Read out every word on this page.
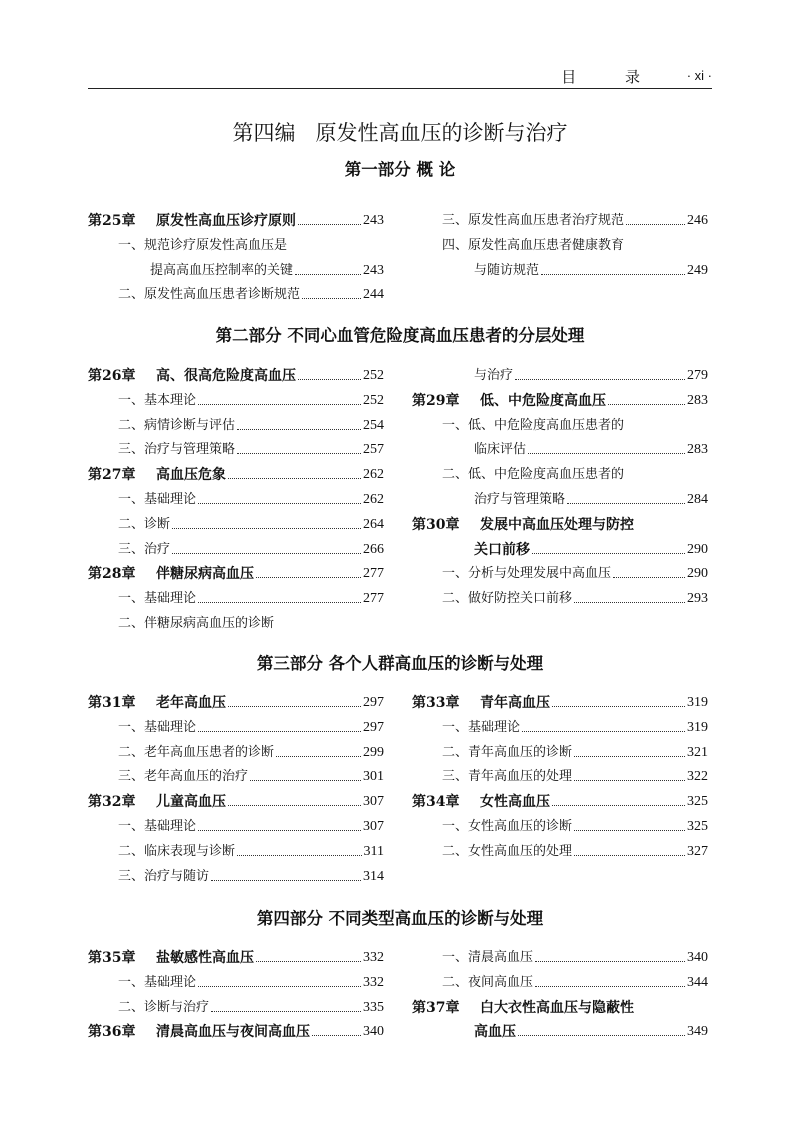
目 录 · xi ·
第四编 原发性高血压的诊断与治疗
第一部分 概 论
第25章	原发性高血压诊疗原则	243
一、规范诊疗原发性高血压是
提高高血压控制率的关键	243
二、原发性高血压患者诊断规范	244
三、原发性高血压患者治疗规范	246
四、原发性高血压患者健康教育
与随访规范	249
第二部分 不同心血管危险度高血压患者的分层处理
第26章	高、很高危险度高血压	252
一、基本理论	252
二、病情诊断与评估	254
三、治疗与管理策略	257
第27章	高血压危象	262
一、基础理论	262
二、诊断	264
三、治疗	266
第28章	伴糖尿病高血压	277
一、基础理论	277
二、伴糖尿病高血压的诊断
与治疗	279
第29章	低、中危险度高血压	283
一、低、中危险度高血压患者的
临床评估	283
二、低、中危险度高血压患者的
治疗与管理策略	284
第30章	发展中高血压处理与防控
关口前移	290
一、分析与处理发展中高血压	290
二、做好防控关口前移	293
第三部分 各个人群高血压的诊断与处理
第31章	老年高血压	297
一、基础理论	297
二、老年高血压患者的诊断	299
三、老年高血压的治疗	301
第32章	儿童高血压	307
一、基础理论	307
二、临床表现与诊断	311
三、治疗与随访	314
第33章	青年高血压	319
一、基础理论	319
二、青年高血压的诊断	321
三、青年高血压的处理	322
第34章	女性高血压	325
一、女性高血压的诊断	325
二、女性高血压的处理	327
第四部分 不同类型高血压的诊断与处理
第35章	盐敏感性高血压	332
一、基础理论	332
二、诊断与治疗	335
第36章	清晨高血压与夜间高血压	340
一、清晨高血压	340
二、夜间高血压	344
第37章	白大衣性高血压与隐蔽性
高血压	349
